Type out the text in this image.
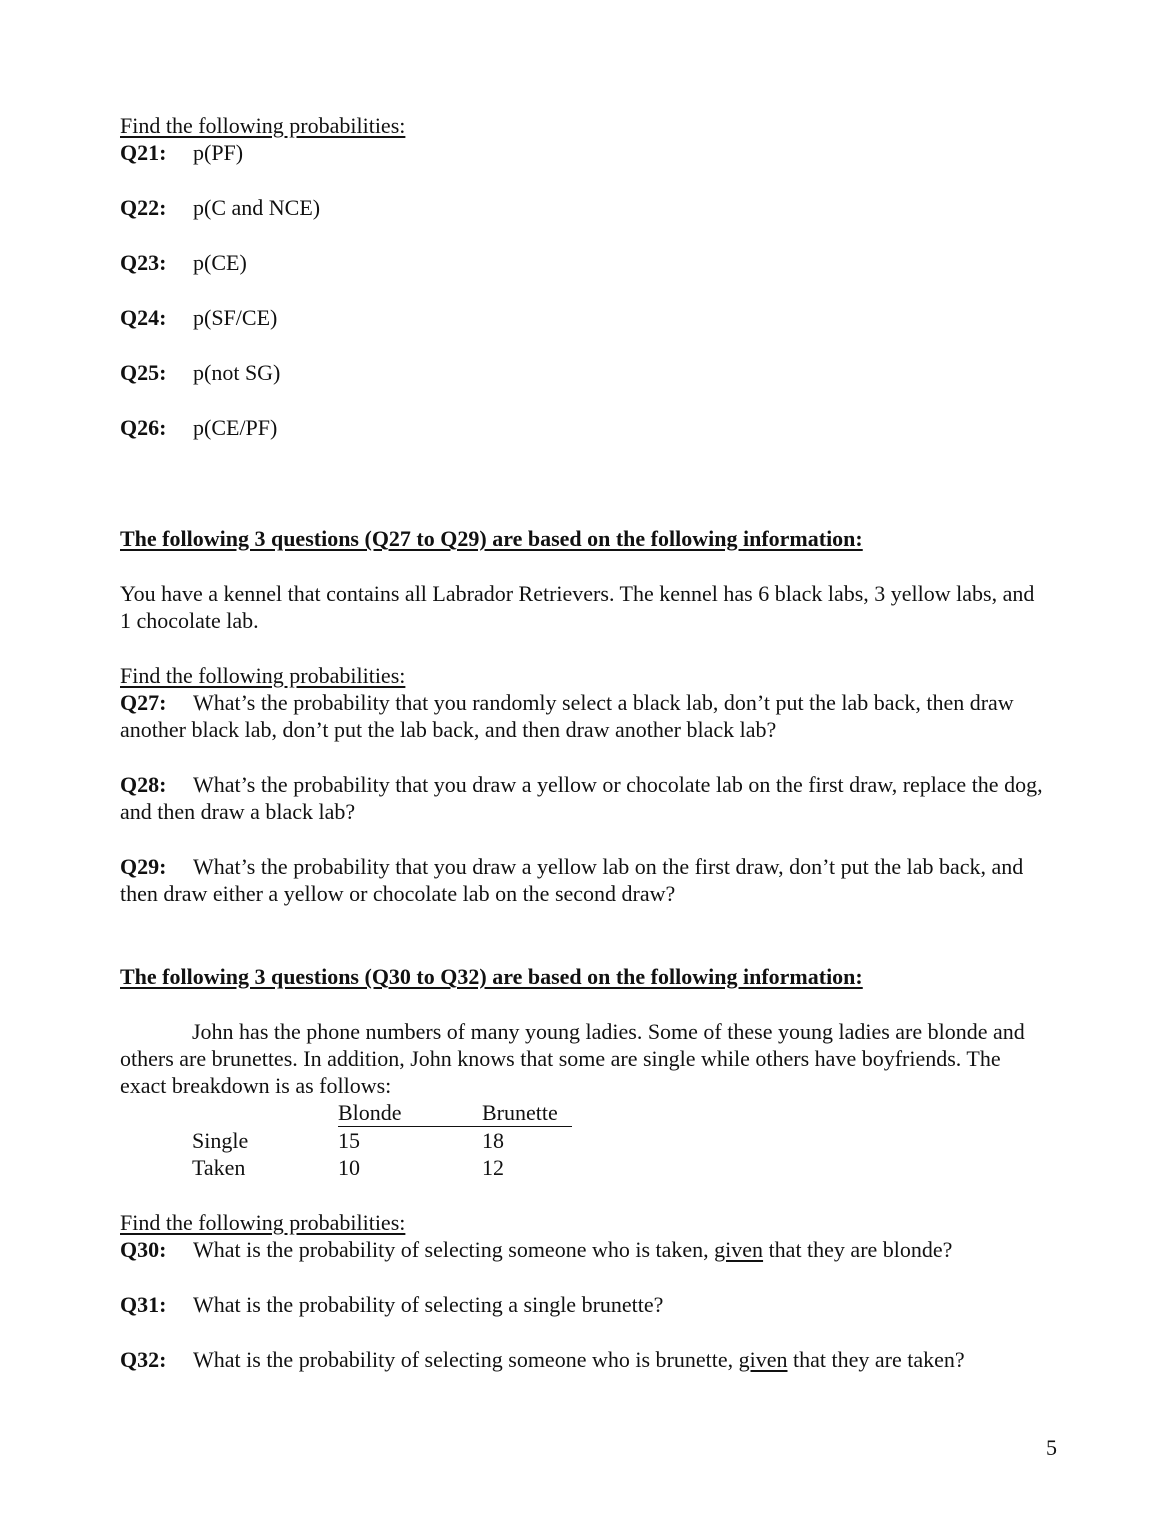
Find the following probabilities:
Q21:	p(PF)
Q22:	p(C and NCE)
Q23:	p(CE)
Q24:	p(SF/CE)
Q25:	p(not SG)
Q26:	p(CE/PF)
The following 3 questions (Q27 to Q29) are based on the following information:
You have a kennel that contains all Labrador Retrievers. The kennel has 6 black labs, 3 yellow labs, and 1 chocolate lab.
Find the following probabilities:
Q27: What’s the probability that you randomly select a black lab, don’t put the lab back, then draw another black lab, don’t put the lab back, and then draw another black lab?
Q28: What’s the probability that you draw a yellow or chocolate lab on the first draw, replace the dog, and then draw a black lab?
Q29: What’s the probability that you draw a yellow lab on the first draw, don’t put the lab back, and then draw either a yellow or chocolate lab on the second draw?
The following 3 questions (Q30 to Q32) are based on the following information:
John has the phone numbers of many young ladies. Some of these young ladies are blonde and others are brunettes. In addition, John knows that some are single while others have boyfriends. The exact breakdown is as follows:
	Blonde	Brunette
Single	15	18
Taken	10	12
Find the following probabilities:
Q30:	What is the probability of selecting someone who is taken, given that they are blonde?
Q31:	What is the probability of selecting a single brunette?
Q32:	What is the probability of selecting someone who is brunette, given that they are taken?
5
